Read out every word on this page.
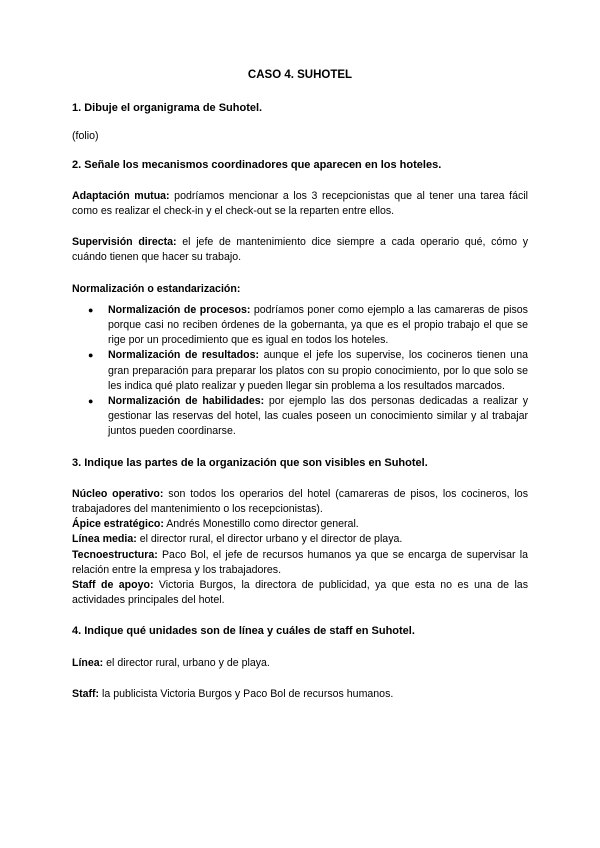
CASO 4. SUHOTEL
1. Dibuje el organigrama de Suhotel.

(folio)

2. Señale los mecanismos coordinadores que aparecen en los hoteles.

Adaptación mutua: podríamos mencionar a los 3 recepcionistas que al tener una tarea fácil como es realizar el check-in y el check-out se la reparten entre ellos.

Supervisión directa: el jefe de mantenimiento dice siempre a cada operario qué, cómo y cuándo tienen que hacer su trabajo.

Normalización o estandarización:

● Normalización de procesos: podríamos poner como ejemplo a las camareras de pisos porque casi no reciben órdenes de la gobernanta, ya que es el propio trabajo el que se rige por un procedimiento que es igual en todos los hoteles.
● Normalización de resultados: aunque el jefe los supervise, los cocineros tienen una gran preparación para preparar los platos con su propio conocimiento, por lo que solo se les indica qué plato realizar y pueden llegar sin problema a los resultados marcados.
● Normalización de habilidades: por ejemplo las dos personas dedicadas a realizar y gestionar las reservas del hotel, las cuales poseen un conocimiento similar y al trabajar juntos pueden coordinarse.
3. Indique las partes de la organización que son visibles en Suhotel.

Núcleo operativo: son todos los operarios del hotel (camareras de pisos, los cocineros, los trabajadores del mantenimiento o los recepcionistas).

Ápice estratégico: Andrés Monestillo como director general.

Línea media: el director rural, el director urbano y el director de playa.

Tecnoestructura: Paco Bol, el jefe de recursos humanos ya que se encarga de supervisar la relación entre la empresa y los trabajadores.

Staff de apoyo: Victoria Burgos, la directora de publicidad, ya que esta no es una de las actividades principales del hotel.

4. Indique qué unidades son de línea y cuáles de staff en Suhotel.

Línea: el director rural, urbano y de playa.

Staff: la publicista Victoria Burgos y Paco Bol de recursos humanos.
